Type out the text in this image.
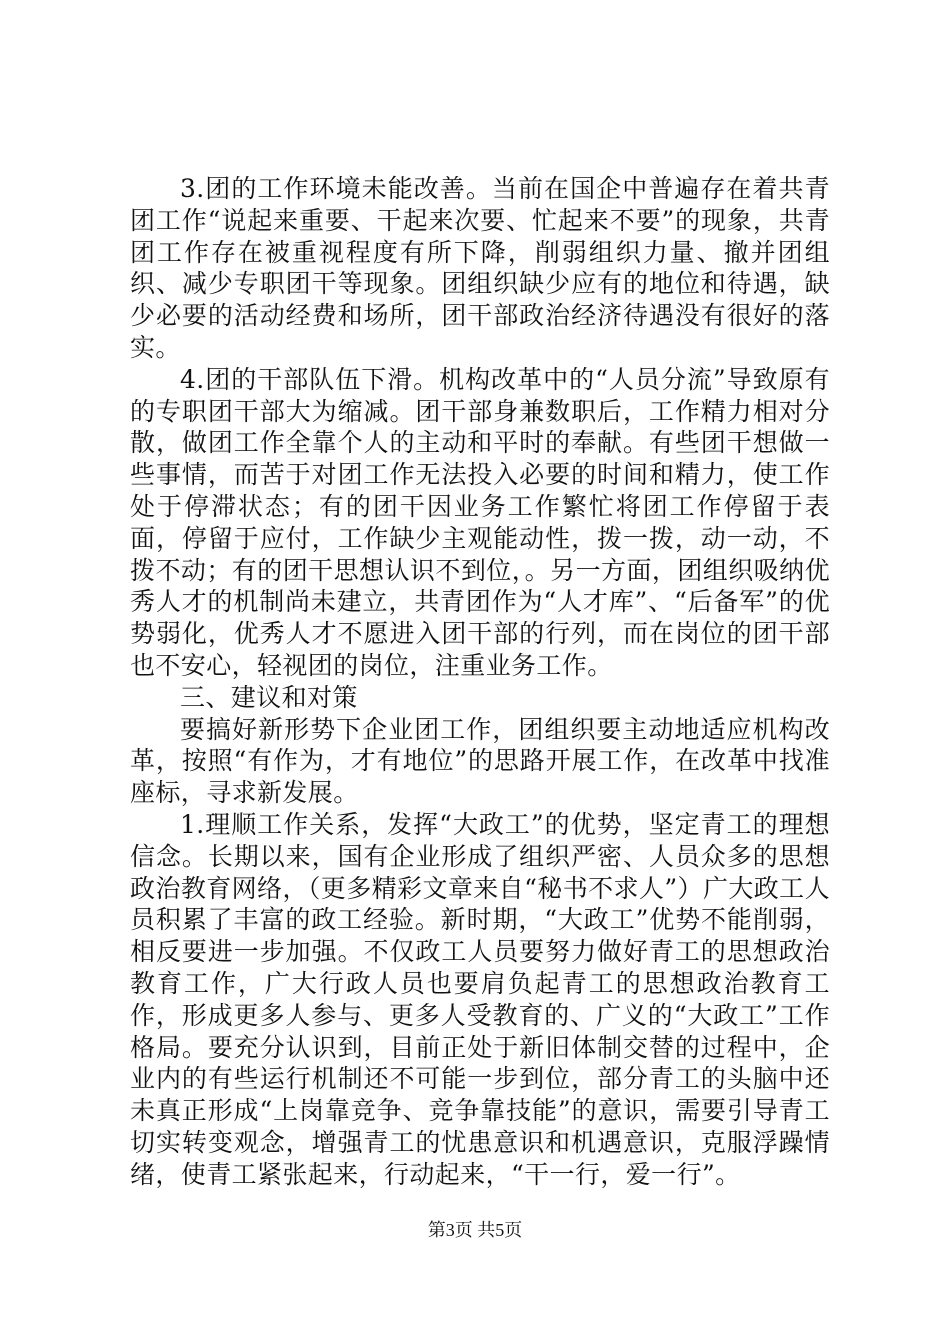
3.团的工作环境未能改善。当前在国企中普遍存在着共青团工作“说起来重要、干起来次要、忙起来不要”的现象，共青团工作存在被重视程度有所下降，削弱组织力量、撤并团组织、减少专职团干等现象。团组织缺少应有的地位和待遇，缺少必要的活动经费和场所，团干部政治经济待遇没有很好的落实。

4.团的干部队伍下滑。机构改革中的“人员分流”导致原有的专职团干部大为缩减。团干部身兼数职后，工作精力相对分散，做团工作全靠个人的主动和平时的奉献。有些团干想做一些事情，而苦于对团工作无法投入必要的时间和精力，使工作处于停滞状态；有的团干因业务工作繁忙将团工作停留于表面，停留于应付，工作缺少主观能动性，拨一拨，动一动，不拨不动；有的团干思想认识不到位，。另一方面，团组织吸纳优秀人才的机制尚未建立，共青团作为“人才库”、“后备军”的优势弱化，优秀人才不愿进入团干部的行列，而在岗位的团干部也不安心，轻视团的岗位，注重业务工作。

三、建议和对策

要搞好新形势下企业团工作，团组织要主动地适应机构改革，按照“有作为，才有地位”的思路开展工作，在改革中找准座标，寻求新发展。

1.理顺工作关系，发挥“大政工”的优势，坚定青工的理想信念。长期以来，国有企业形成了组织严密、人员众多的思想政治教育网络，（更多精彩文章来自“秘书不求人”）广大政工人员积累了丰富的政工经验。新时期，“大政工”优势不能削弱，相反要进一步加强。不仅政工人员要努力做好青工的思想政治教育工作，广大行政人员也要肩负起青工的思想政治教育工作，形成更多人参与、更多人受教育的、广义的“大政工”工作格局。要充分认识到，目前正处于新旧体制交替的过程中，企业内的有些运行机制还不可能一步到位，部分青工的头脑中还未真正形成“上岗靠竞争、竞争靠技能”的意识，需要引导青工切实转变观念，增强青工的忧患意识和机遇意识，克服浮躁情绪，使青工紧张起来，行动起来，“干一行，爱一行”。

第3页 共5页
